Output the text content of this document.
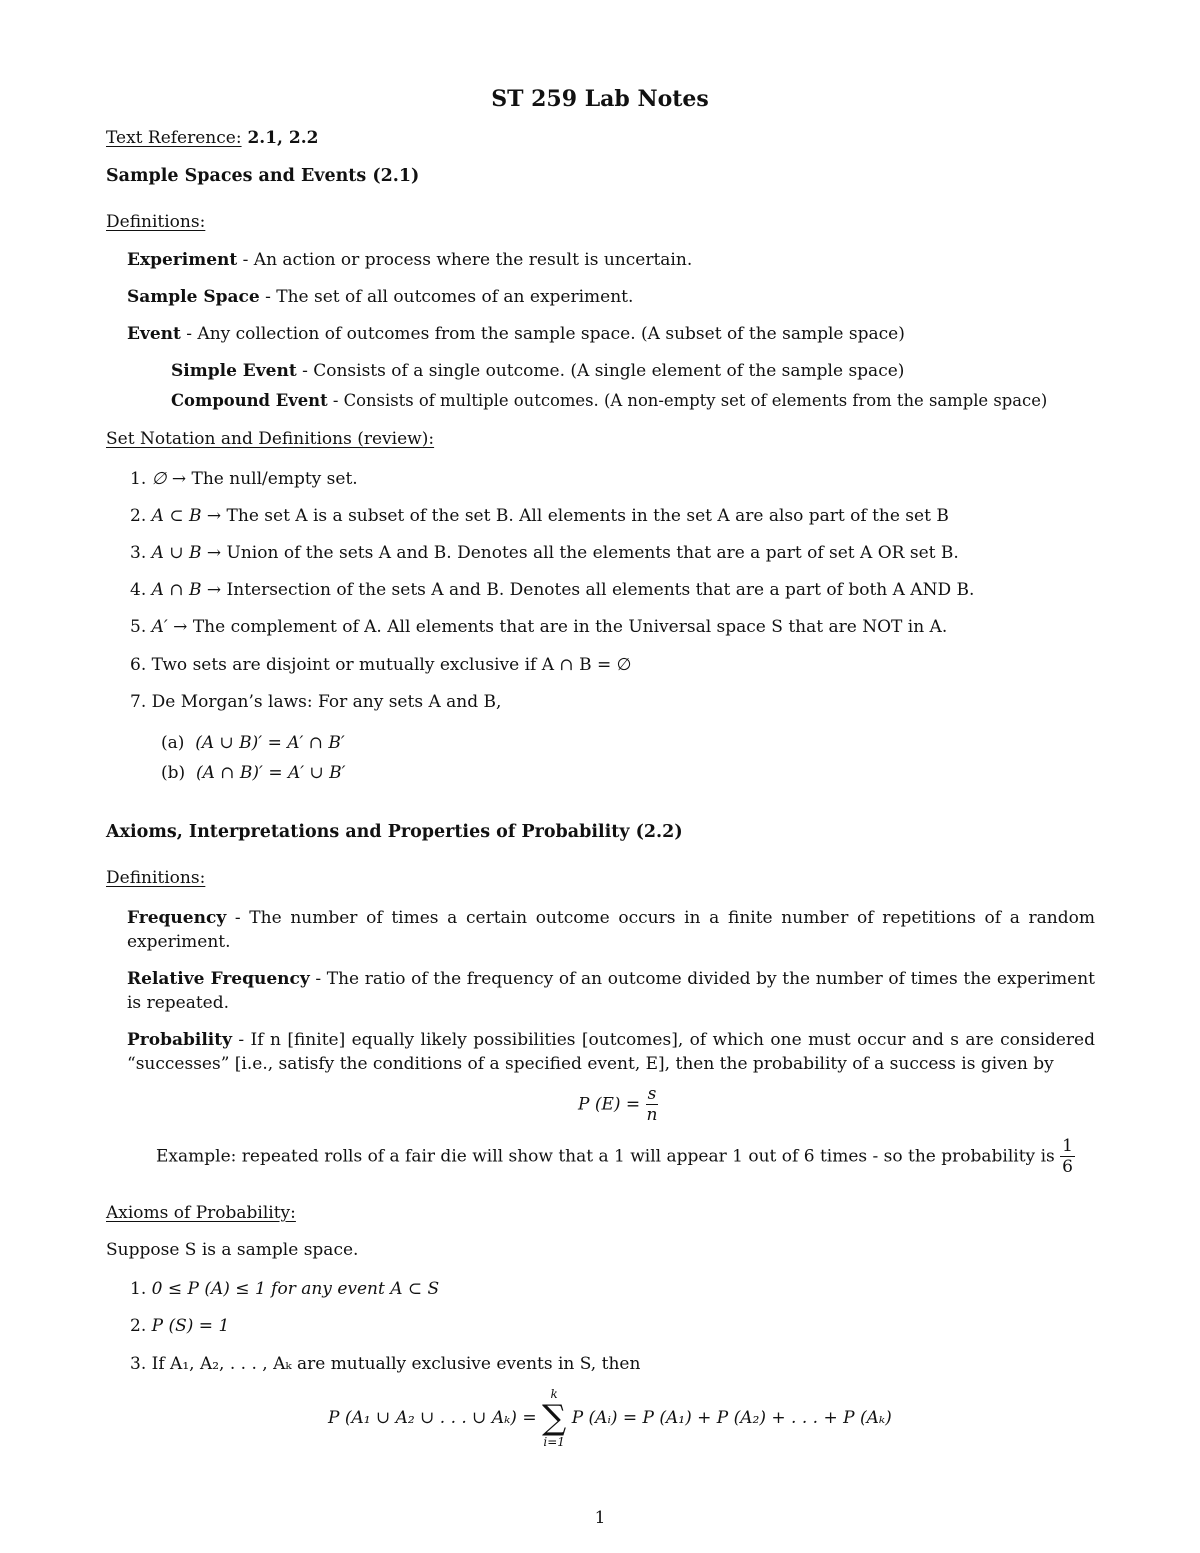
ST 259 Lab Notes
Text Reference: 2.1, 2.2
Sample Spaces and Events (2.1)
Definitions:
Experiment - An action or process where the result is uncertain.
Sample Space - The set of all outcomes of an experiment.
Event - Any collection of outcomes from the sample space. (A subset of the sample space)
Simple Event - Consists of a single outcome. (A single element of the sample space)
Compound Event - Consists of multiple outcomes. (A non-empty set of elements from the sample space)
Set Notation and Definitions (review):
1. ∅ → The null/empty set.
2. A ⊂ B → The set A is a subset of the set B. All elements in the set A are also part of the set B
3. A ∪ B → Union of the sets A and B. Denotes all the elements that are a part of set A OR set B.
4. A ∩ B → Intersection of the sets A and B. Denotes all elements that are a part of both A AND B.
5. A′ → The complement of A. All elements that are in the Universal space S that are NOT in A.
6. Two sets are disjoint or mutually exclusive if A ∩ B = ∅
7. De Morgan’s laws: For any sets A and B,
(a) (A ∪ B)′ = A′ ∩ B′
(b) (A ∩ B)′ = A′ ∪ B′
Axioms, Interpretations and Properties of Probability (2.2)
Definitions:
Frequency - The number of times a certain outcome occurs in a finite number of repetitions of a random experiment.
Relative Frequency - The ratio of the frequency of an outcome divided by the number of times the experiment is repeated.
Probability - If n [finite] equally likely possibilities [outcomes], of which one must occur and s are considered “successes” [i.e., satisfy the conditions of a specified event, E], then the probability of a success is given by
P $(E) = \frac{s}{n}$
Example: repeated rolls of a fair die will show that a 1 will appear 1 out of 6 times - so the probability is $\frac{1}{6}$
Axioms of Probability:
Suppose S is a sample space.
1. 0 ≤ P (A) ≤ 1 for any event A ⊂ S
2. P (S) = 1
3. If A₁, A₂, . . . , Aₖ are mutually exclusive events in S, then
P (A₁ ∪ A₂ ∪ . . . ∪ Aₖ) =
k
∑
i=1
P (Aᵢ) = P (A₁) + P (A₂) + . . . + P (Aₖ)
1
